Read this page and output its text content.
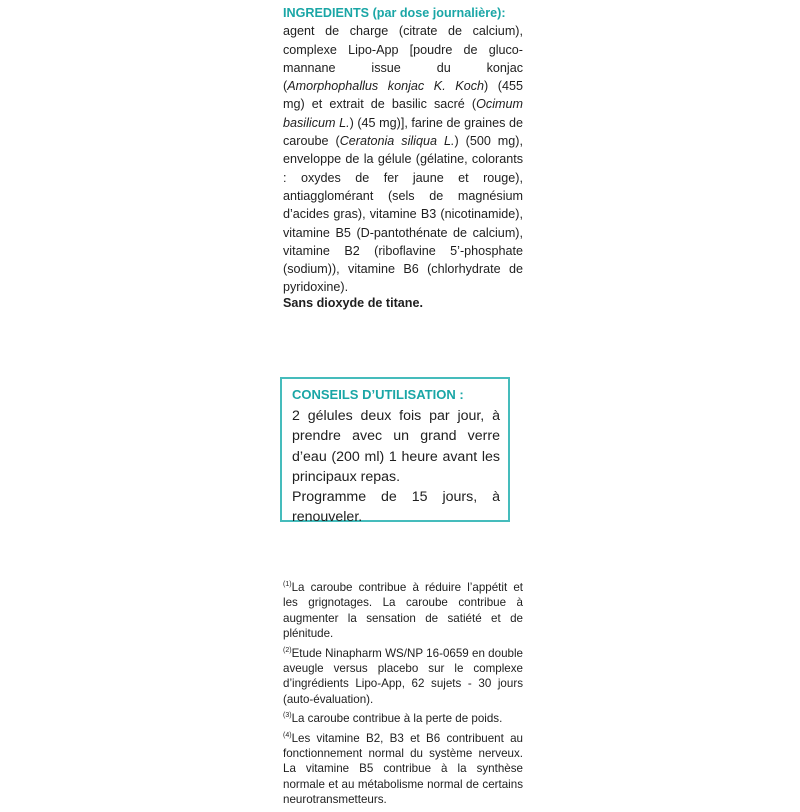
INGREDIENTS (par dose journalière):
agent de charge (citrate de calcium), complexe Lipo-App [poudre de gluco-mannane issue du konjac (Amorphophallus konjac K. Koch) (455 mg) et extrait de basilic sacré (Ocimum basilicum L.) (45 mg)], farine de graines de caroube (Ceratonia siliqua L.) (500 mg), enveloppe de la gélule (gélatine, colorants : oxydes de fer jaune et rouge), antiagglomérant (sels de magnésium d’acides gras), vitamine B3 (nicotinamide), vitamine B5 (D-pantothénate de calcium), vitamine B2 (riboflavine 5’-phosphate (sodium)), vitamine B6 (chlorhydrate de pyridoxine).
Sans dioxyde de titane.
CONSEILS D’UTILISATION :
2 gélules deux fois par jour, à prendre avec un grand verre d’eau (200 ml) 1 heure avant les principaux repas.
Programme de 15 jours, à renouveler.

$^{(1)}$La caroube contribue à réduire l’appétit et les grignotages. La caroube contribue à augmenter la sensation de satiété et de plénitude.

$^{(2)}$Etude Ninapharm WS/NP 16-0659 en double aveugle versus placebo sur le complexe d’ingrédients Lipo-App, 62 sujets - 30 jours (auto-évaluation).

$^{(3)}$La caroube contribue à la perte de poids.

$^{(4)}$Les vitamine B2, B3 et B6 contribuent au fonctionnement normal du système nerveux. La vitamine B5 contribue à la synthèse normale et au métabolisme normal de certains neurotransmetteurs.
